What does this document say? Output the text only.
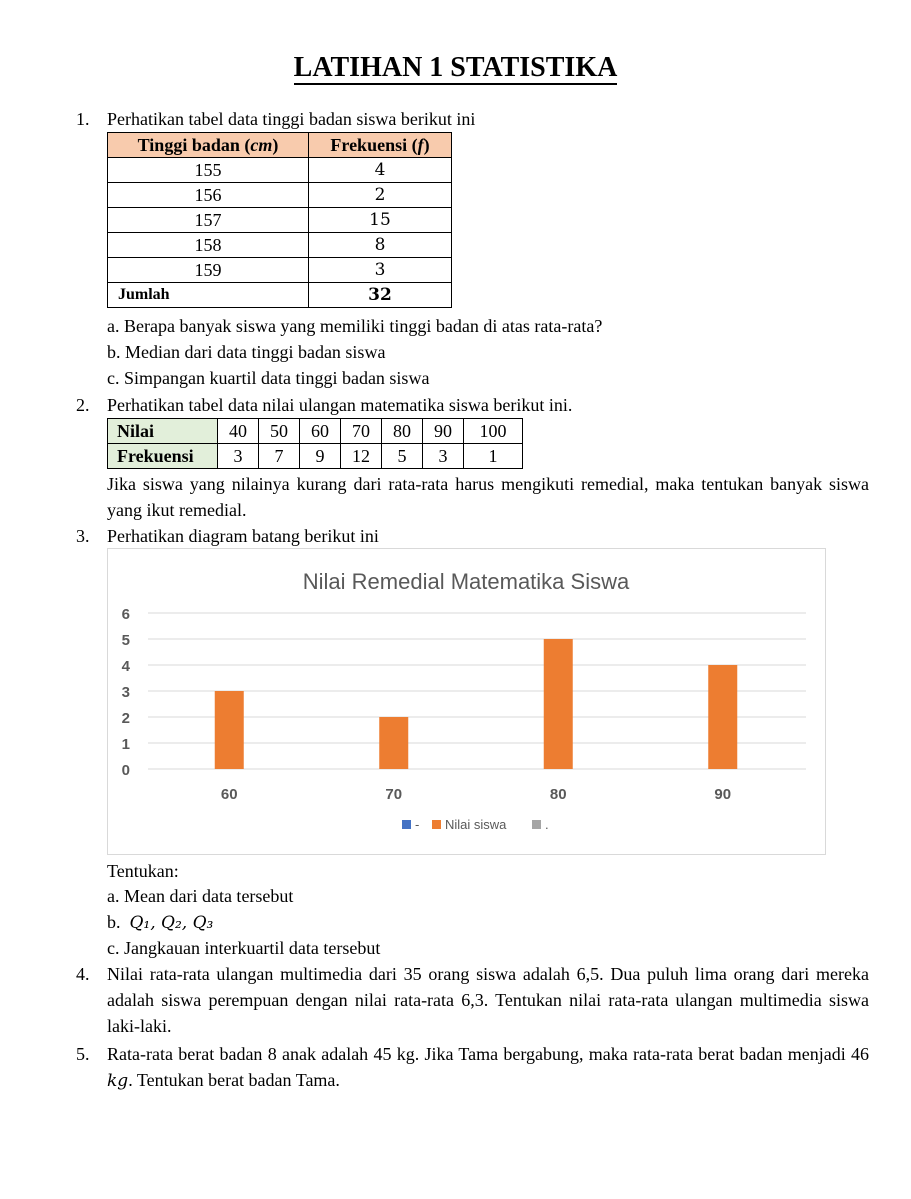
LATIHAN 1 STATISTIKA
1. Perhatikan tabel data tinggi badan siswa berikut ini
Tinggi badan (cm)	Frekuensi (f)
155	4
156	2
157	15
158	8
159	3
Jumlah	32
a. Berapa banyak siswa yang memiliki tinggi badan di atas rata-rata?
b. Median dari data tinggi badan siswa
c. Simpangan kuartil data tinggi badan siswa
2. Perhatikan tabel data nilai ulangan matematika siswa berikut ini.
Nilai	40	50	60	70	80	90	100
Frekuensi	3	7	9	12	5	3	1
Jika siswa yang nilainya kurang dari rata-rata harus mengikuti remedial, maka tentukan banyak siswa yang ikut remedial.
3. Perhatikan diagram batang berikut ini
Nilai Remedial Matematika Siswa
0
1
2
3
4
5
6
60	70	80	90
- Nilai siswa	.
Tentukan:
a. Mean dari data tersebut
b. Q₁, Q₂, Q₃
c. Jangkauan interkuartil data tersebut
4. Nilai rata-rata ulangan multimedia dari 35 orang siswa adalah 6,5. Dua puluh lima orang dari mereka adalah siswa perempuan dengan nilai rata-rata 6,3. Tentukan nilai rata-rata ulangan multimedia siswa laki-laki.
5. Rata-rata berat badan 8 anak adalah 45 kg. Jika Tama bergabung, maka rata-rata berat badan menjadi 46 kg. Tentukan berat badan Tama.
